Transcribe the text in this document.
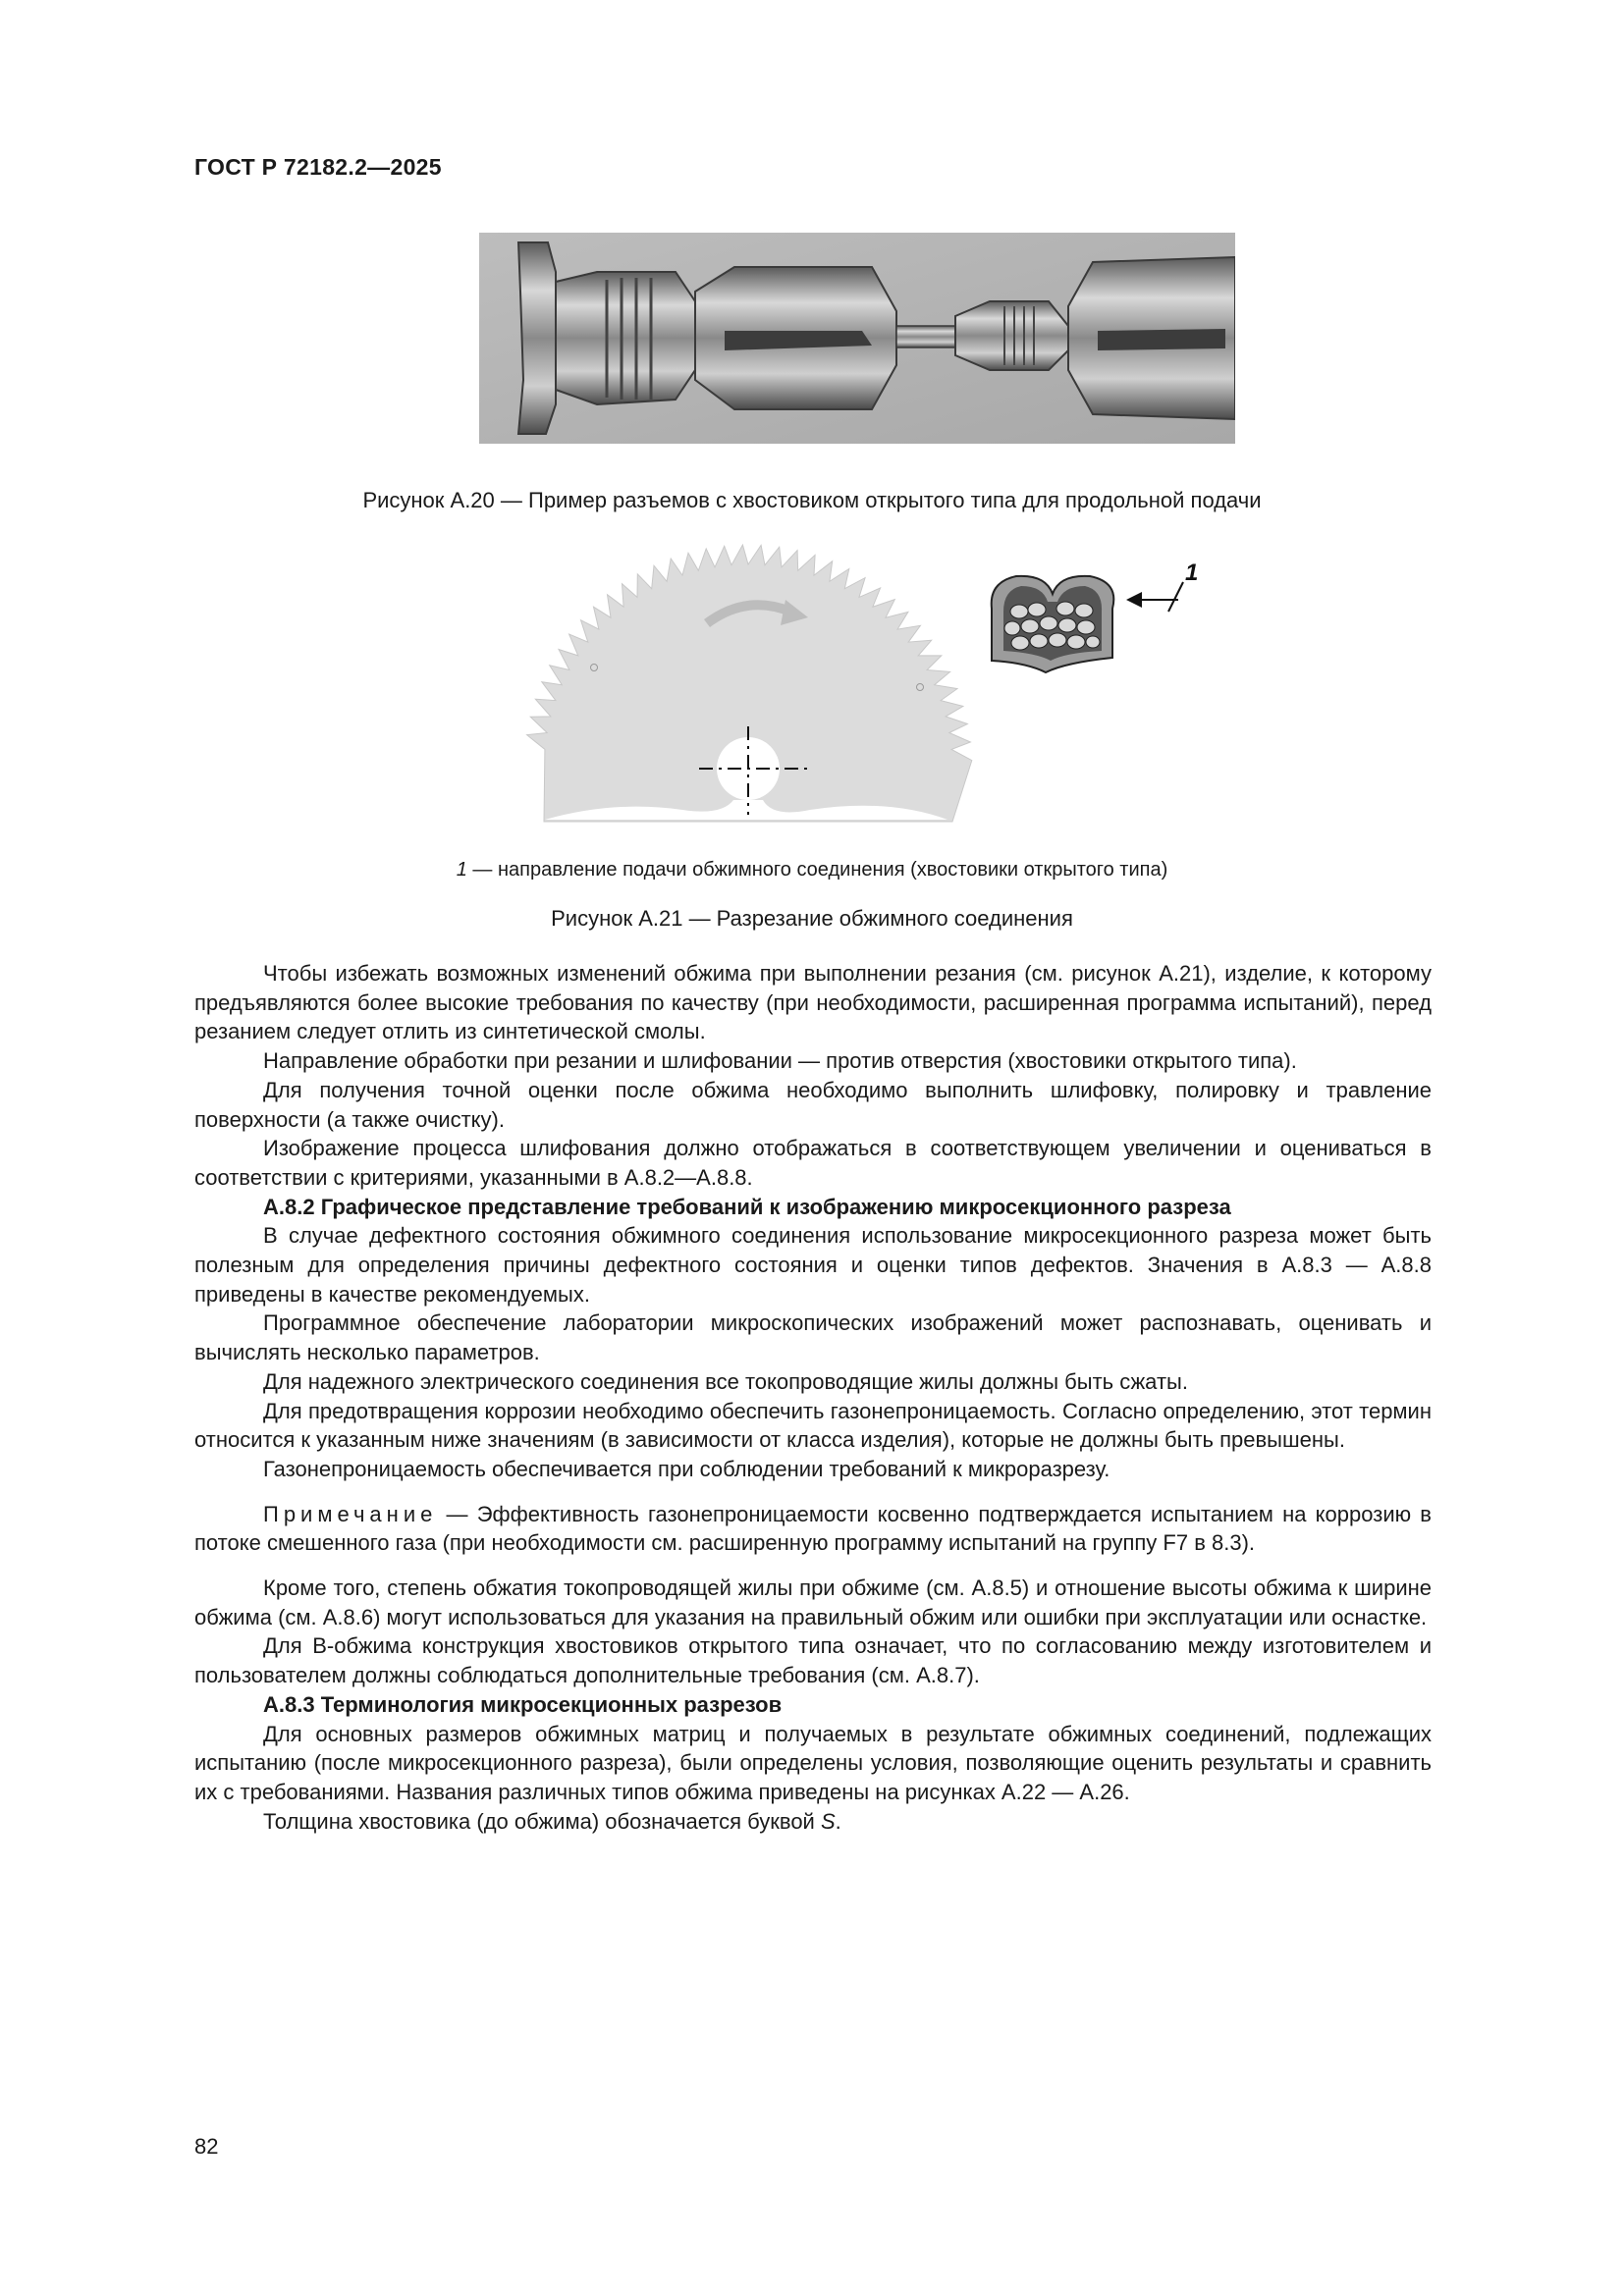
ГОСТ Р 72182.2—2025
Рисунок А.20 — Пример разъемов с хвостовиком открытого типа для продольной подачи
1
1 — направление подачи обжимного соединения (хвостовики открытого типа)
Рисунок А.21 — Разрезание обжимного соединения

Чтобы избежать возможных изменений обжима при выполнении резания (см. рисунок А.21), изделие, к которому предъявляются более высокие требования по качеству (при необходимости, расширенная программа испытаний), перед резанием следует отлить из синтетической смолы.

Направление обработки при резании и шлифовании — против отверстия (хвостовики открытого типа).

Для получения точной оценки после обжима необходимо выполнить шлифовку, полировку и травление поверхности (а также очистку).

Изображение процесса шлифования должно отображаться в соответствующем увеличении и оцениваться в соответствии с критериями, указанными в А.8.2—А.8.8.

А.8.2 Графическое представление требований к изображению микросекционного разреза

В случае дефектного состояния обжимного соединения использование микросекционного разреза может быть полезным для определения причины дефектного состояния и оценки типов дефектов. Значения в А.8.3 — А.8.8 приведены в качестве рекомендуемых.

Программное обеспечение лаборатории микроскопических изображений может распознавать, оценивать и вычислять несколько параметров.

Для надежного электрического соединения все токопроводящие жилы должны быть сжаты.

Для предотвращения коррозии необходимо обеспечить газонепроницаемость. Согласно определению, этот термин относится к указанным ниже значениям (в зависимости от класса изделия), которые не должны быть превышены.

Газонепроницаемость обеспечивается при соблюдении требований к микроразрезу.

Примечание — Эффективность газонепроницаемости косвенно подтверждается испытанием на коррозию в потоке смешенного газа (при необходимости см. расширенную программу испытаний на группу F7 в 8.3).

Кроме того, степень обжатия токопроводящей жилы при обжиме (см. А.8.5) и отношение высоты обжима к ширине обжима (см. А.8.6) могут использоваться для указания на правильный обжим или ошибки при эксплуатации или оснастке.

Для В-обжима конструкция хвостовиков открытого типа означает, что по согласованию между изготовителем и пользователем должны соблюдаться дополнительные требования (см. А.8.7).

А.8.3 Терминология микросекционных разрезов

Для основных размеров обжимных матриц и получаемых в результате обжимных соединений, подлежащих испытанию (после микросекционного разреза), были определены условия, позволяющие оценить результаты и сравнить их с требованиями. Названия различных типов обжима приведены на рисунках А.22 — А.26.

Толщина хвостовика (до обжима) обозначается буквой S.

82
